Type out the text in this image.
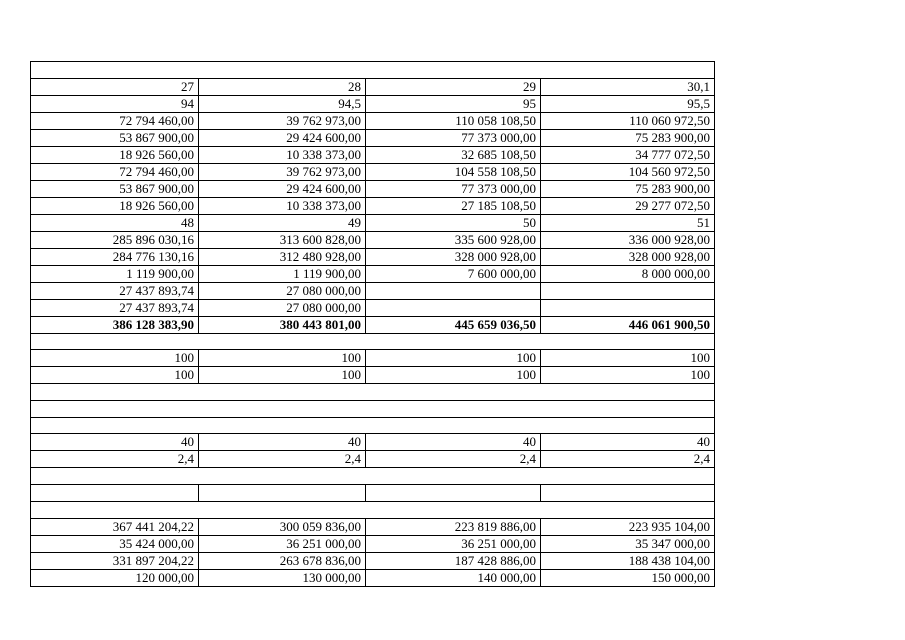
27	28	29	30,1
94	94,5	95	95,5
72 794 460,00	39 762 973,00	110 058 108,50	110 060 972,50
53 867 900,00	29 424 600,00	77 373 000,00	75 283 900,00
18 926 560,00	10 338 373,00	32 685 108,50	34 777 072,50
72 794 460,00	39 762 973,00	104 558 108,50	104 560 972,50
53 867 900,00	29 424 600,00	77 373 000,00	75 283 900,00
18 926 560,00	10 338 373,00	27 185 108,50	29 277 072,50
48	49	50	51
285 896 030,16	313 600 828,00	335 600 928,00	336 000 928,00
284 776 130,16	312 480 928,00	328 000 928,00	328 000 928,00
1 119 900,00	1 119 900,00	7 600 000,00	8 000 000,00
27 437 893,74	27 080 000,00		
27 437 893,74	27 080 000,00		
386 128 383,90	380 443 801,00	445 659 036,50	446 061 900,50

100	100	100	100
100	100	100	100

40	40	40	40
2,4	2,4	2,4	2,4

367 441 204,22	300 059 836,00	223 819 886,00	223 935 104,00
35 424 000,00	36 251 000,00	36 251 000,00	35 347 000,00
331 897 204,22	263 678 836,00	187 428 886,00	188 438 104,00
120 000,00	130 000,00	140 000,00	150 000,00
